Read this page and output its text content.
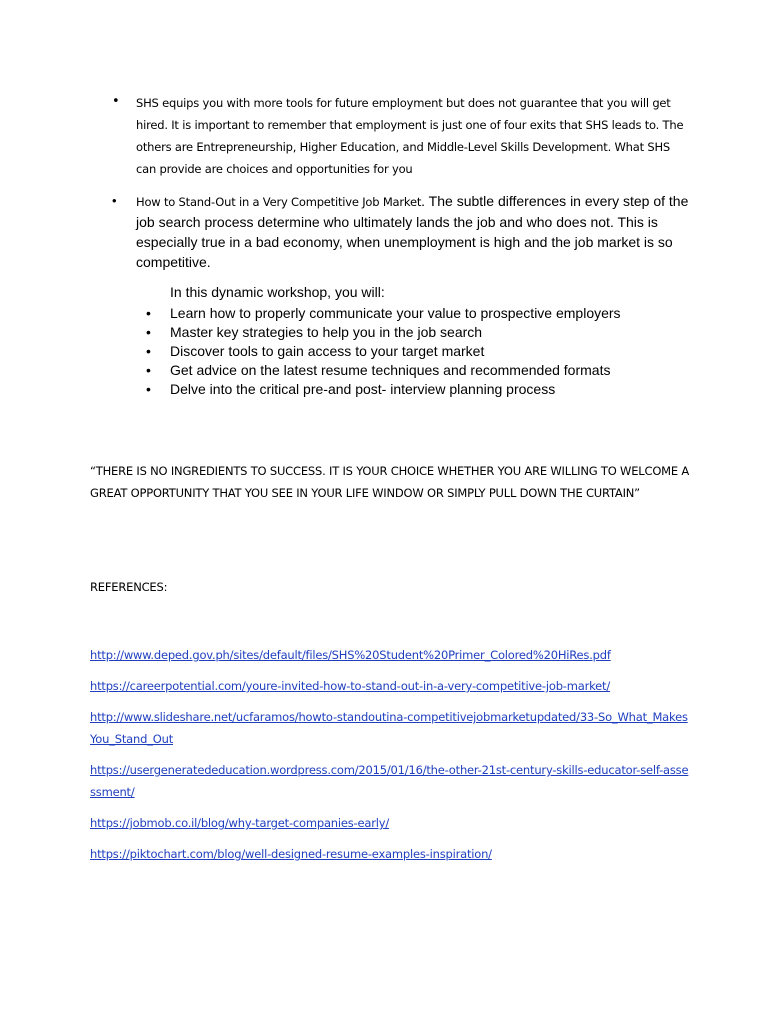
• SHS equips you with more tools for future employment but does not guarantee that you will get hired. It is important to remember that employment is just one of four exits that SHS leads to. The others are Entrepreneurship, Higher Education, and Middle-Level Skills Development. What SHS can provide are choices and opportunities for you
• How to Stand-Out in a Very Competitive Job Market. The subtle differences in every step of the job search process determine who ultimately lands the job and who does not. This is especially true in a bad economy, when unemployment is high and the job market is so competitive.
In this dynamic workshop, you will:
• Learn how to properly communicate your value to prospective employers
• Master key strategies to help you in the job search
• Discover tools to gain access to your target market
• Get advice on the latest resume techniques and recommended formats
• Delve into the critical pre-and post- interview planning process
“THERE IS NO INGREDIENTS TO SUCCESS. IT IS YOUR CHOICE WHETHER YOU ARE WILLING TO WELCOME A GREAT OPPORTUNITY THAT YOU SEE IN YOUR LIFE WINDOW OR SIMPLY PULL DOWN THE CURTAIN”
REFERENCES:
http://www.deped.gov.ph/sites/default/files/SHS%20Student%20Primer_Colored%20HiRes.pdf
https://careerpotential.com/youre-invited-how-to-stand-out-in-a-very-competitive-job-market/
http://www.slideshare.net/ucfaramos/howto-standoutina-competitivejobmarketupdated/33-So_What_MakesYou_Stand_Out
https://usergeneratededucation.wordpress.com/2015/01/16/the-other-21st-century-skills-educator-self-assessment/
https://jobmob.co.il/blog/why-target-companies-early/
https://piktochart.com/blog/well-designed-resume-examples-inspiration/
